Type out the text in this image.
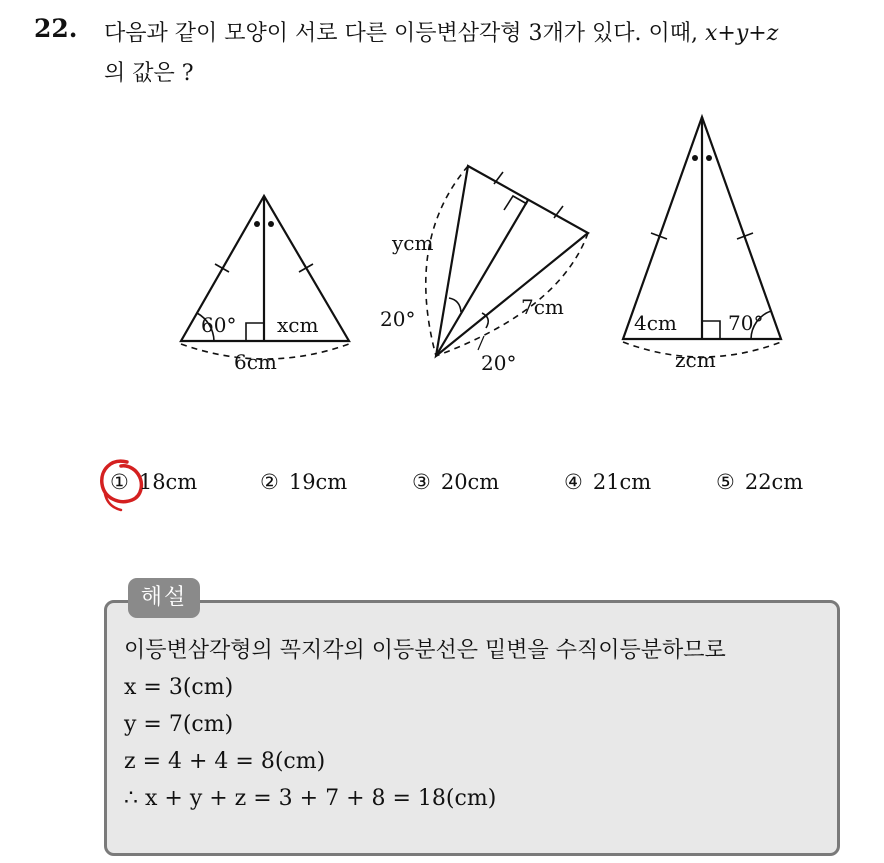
22. 다음과 같이 모양이 서로 다른 이등변삼각형 3개가 있다. 이때, x+y+z
의 값은 ?
60° xcm
6cm
ycm
7cm
20°
20°
4cm	70°
zcm
① 18cm	② 19cm	③ 20cm	④ 21cm	⑤ 22cm
해설
이등변삼각형의 꼭지각의 이등분선은 밑변을 수직이등분하므로
x = 3(cm)
y = 7(cm)
z = 4 + 4 = 8(cm)
∴ x + y + z = 3 + 7 + 8 = 18(cm)
